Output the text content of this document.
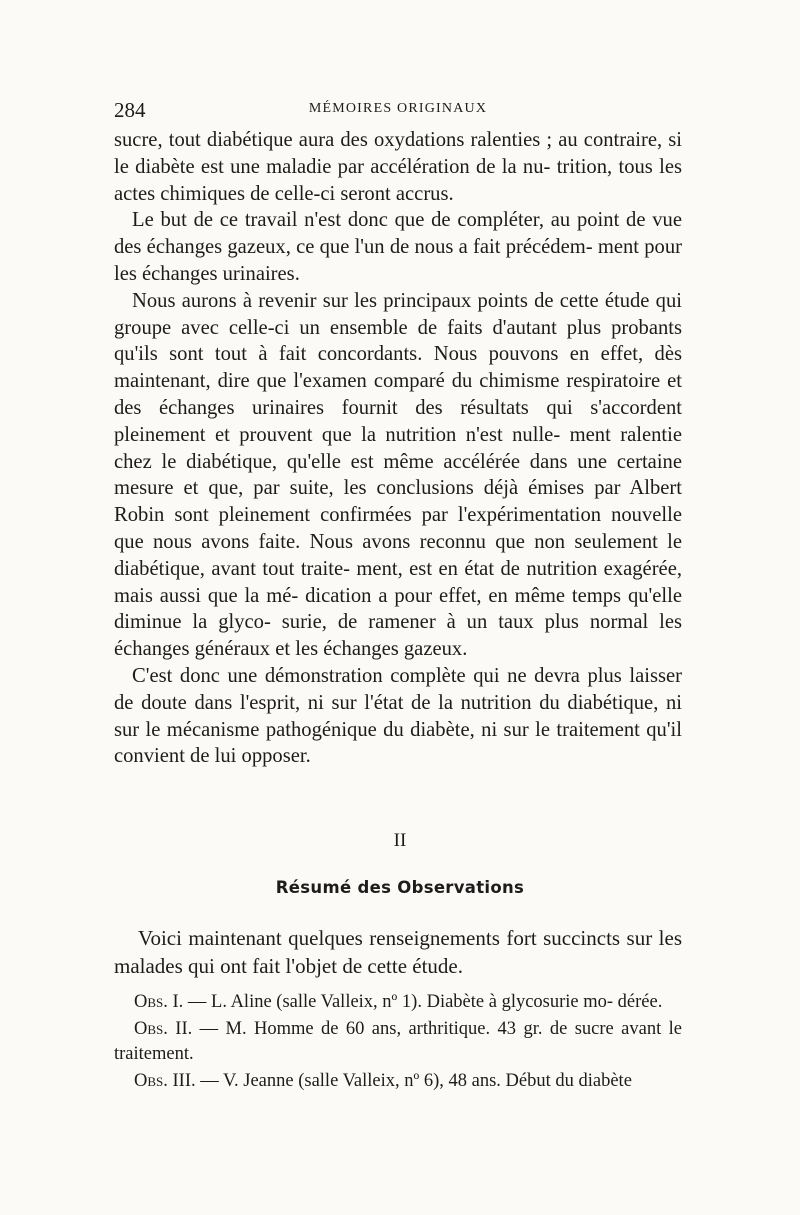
284	MÉMOIRES ORIGINAUX

sucre, tout diabétique aura des oxydations ralenties ; au contraire, si le diabète est une maladie par accélération de la nu- trition, tous les actes chimiques de celle-ci seront accrus.

Le but de ce travail n'est donc que de compléter, au point de vue des échanges gazeux, ce que l'un de nous a fait précédem- ment pour les échanges urinaires.

Nous aurons à revenir sur les principaux points de cette étude qui groupe avec celle-ci un ensemble de faits d'autant plus probants qu'ils sont tout à fait concordants. Nous pouvons en effet, dès maintenant, dire que l'examen comparé du chimisme respiratoire et des échanges urinaires fournit des résultats qui s'accordent pleinement et prouvent que la nutrition n'est nulle- ment ralentie chez le diabétique, qu'elle est même accélérée dans une certaine mesure et que, par suite, les conclusions déjà émises par Albert Robin sont pleinement confirmées par l'expérimentation nouvelle que nous avons faite. Nous avons reconnu que non seulement le diabétique, avant tout traite- ment, est en état de nutrition exagérée, mais aussi que la mé- dication a pour effet, en même temps qu'elle diminue la glyco- surie, de ramener à un taux plus normal les échanges généraux et les échanges gazeux.

C'est donc une démonstration complète qui ne devra plus laisser de doute dans l'esprit, ni sur l'état de la nutrition du diabétique, ni sur le mécanisme pathogénique du diabète, ni sur le traitement qu'il convient de lui opposer.

II
Résumé des Observations

Voici maintenant quelques renseignements fort succincts sur les malades qui ont fait l'objet de cette étude.

Obs. I. — L. Aline (salle Valleix, nº 1). Diabète à glycosurie mo- dérée.

Obs. II. — M. Homme de 60 ans, arthritique. 43 gr. de sucre avant le traitement.

Obs. III. — V. Jeanne (salle Valleix, nº 6), 48 ans. Début du diabète
